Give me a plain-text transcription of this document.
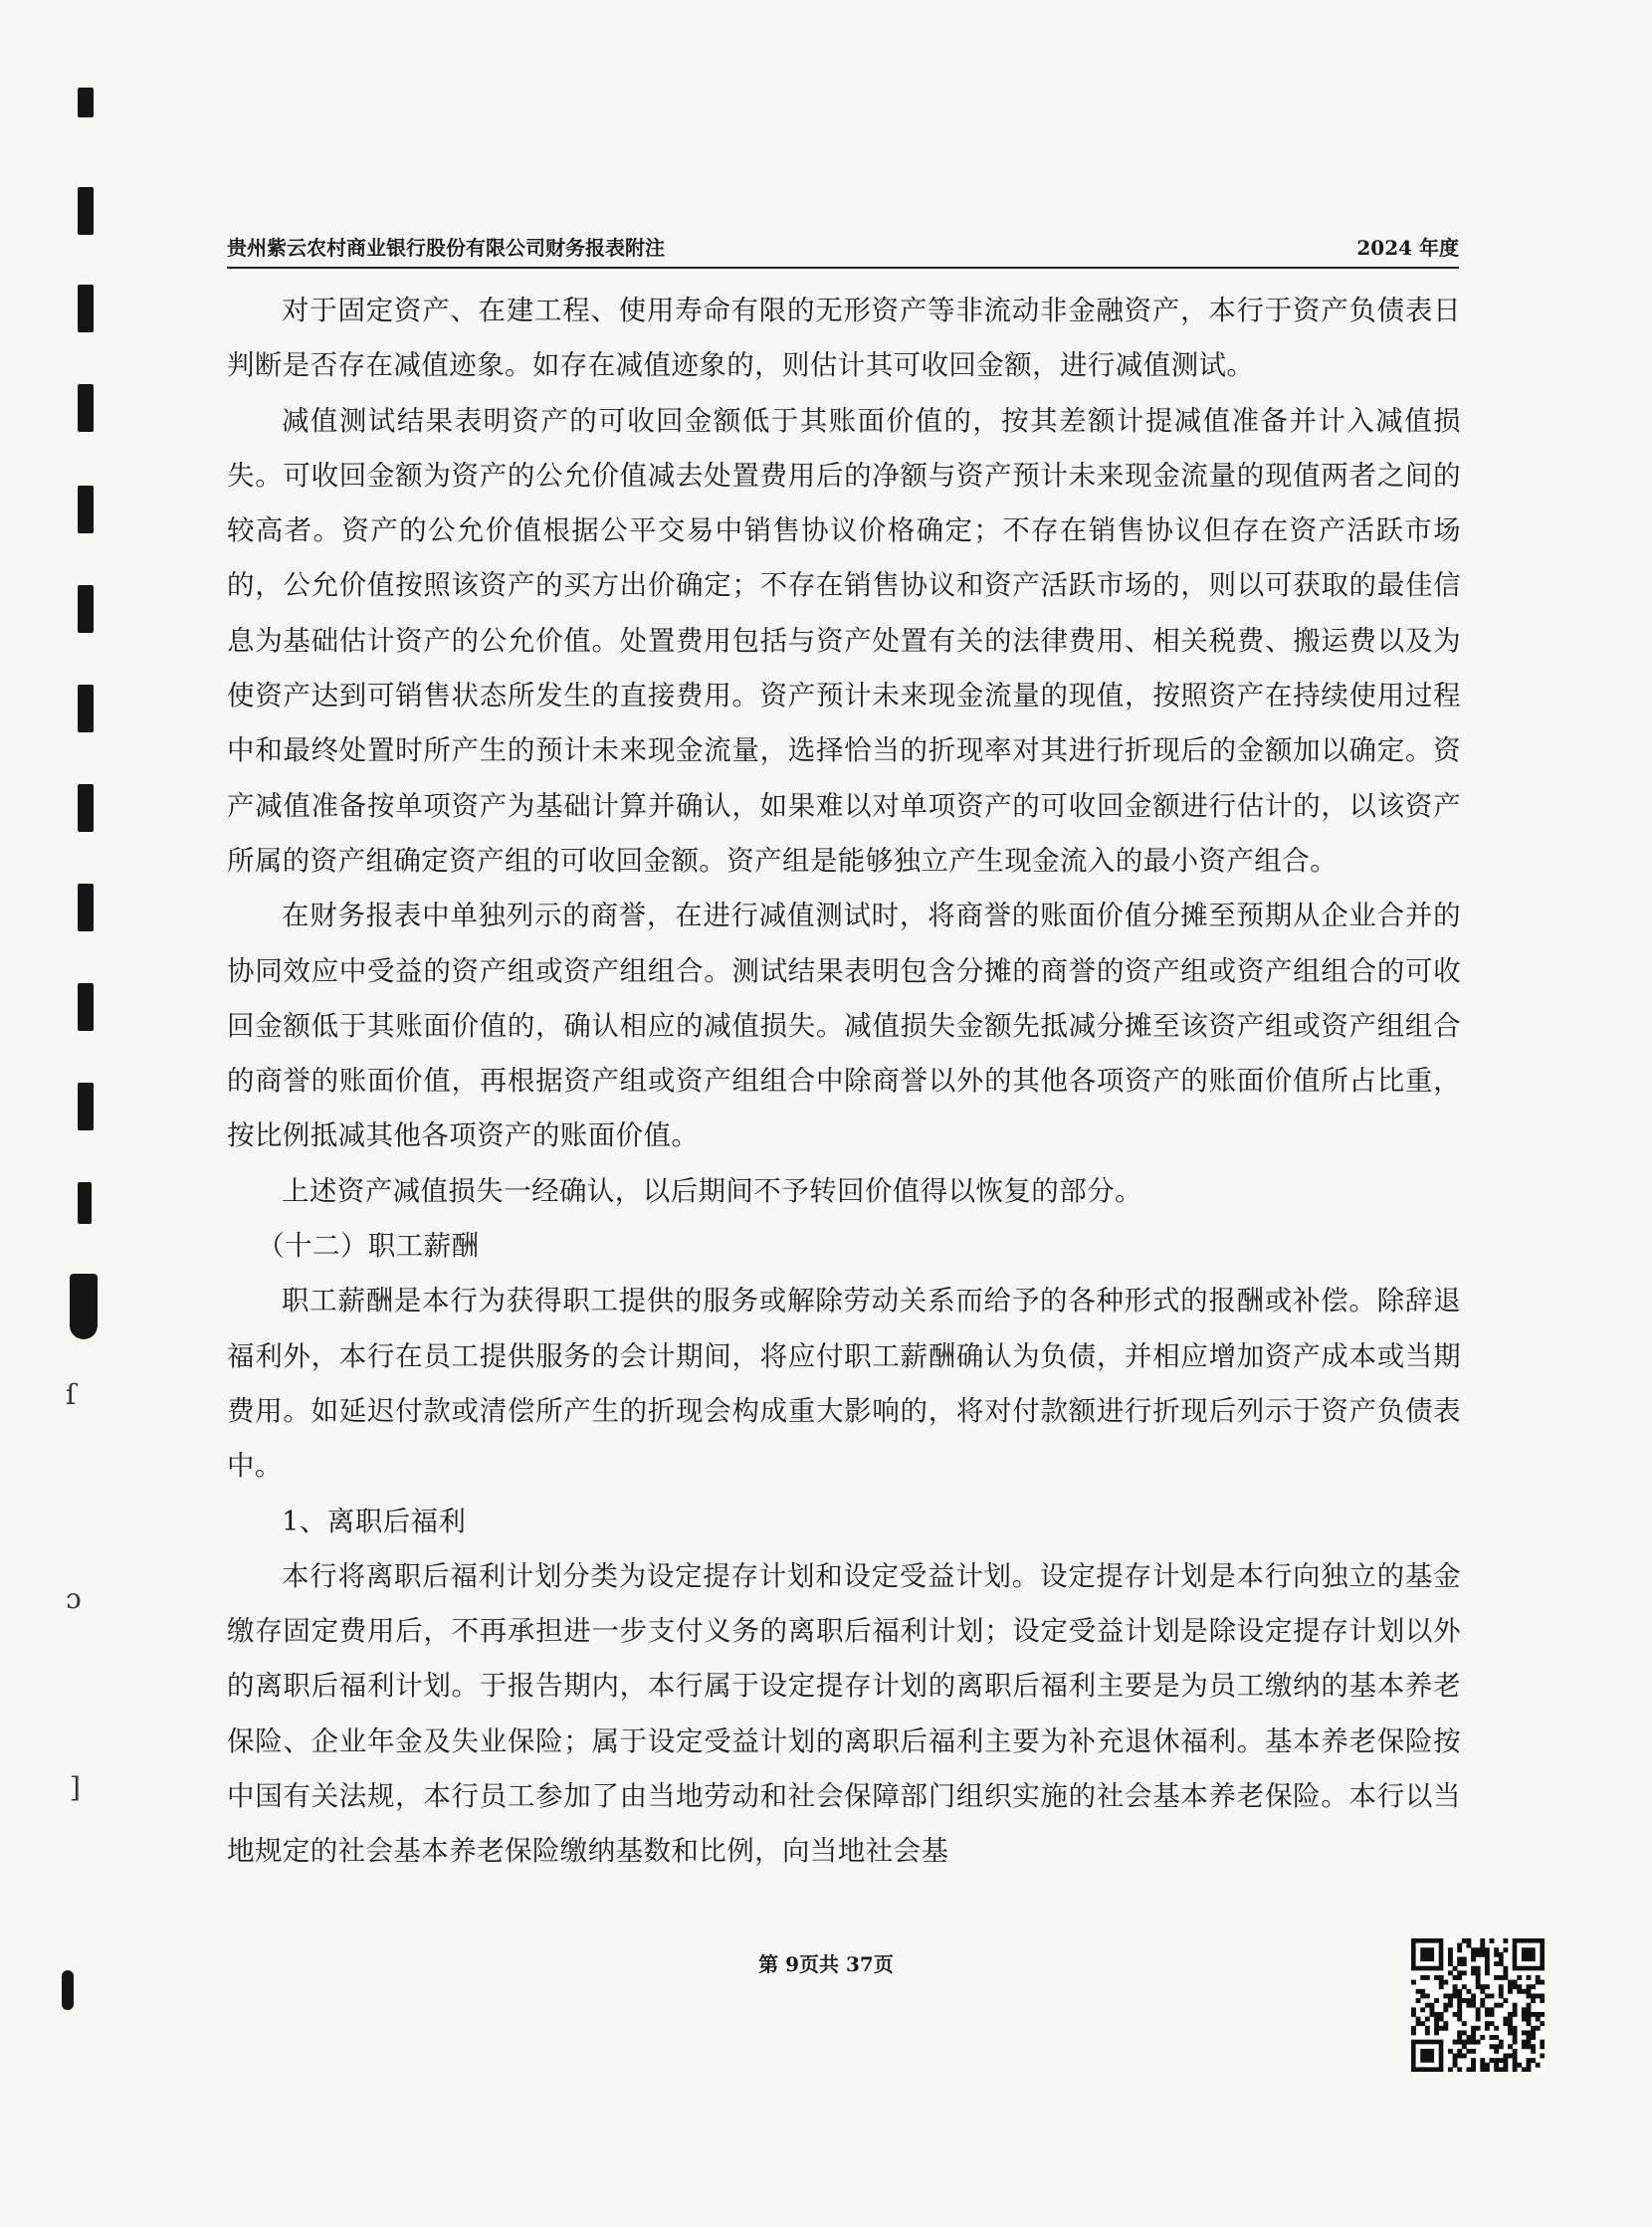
ſ
ɔ
]
贵州紫云农村商业银行股份有限公司财务报表附注	2024 年度

对于固定资产、在建工程、使用寿命有限的无形资产等非流动非金融资产，本行于资产负债表日判断是否存在减值迹象。如存在减值迹象的，则估计其可收回金额，进行减值测试。

减值测试结果表明资产的可收回金额低于其账面价值的，按其差额计提减值准备并计入减值损失。可收回金额为资产的公允价值减去处置费用后的净额与资产预计未来现金流量的现值两者之间的较高者。资产的公允价值根据公平交易中销售协议价格确定；不存在销售协议但存在资产活跃市场的，公允价值按照该资产的买方出价确定；不存在销售协议和资产活跃市场的，则以可获取的最佳信息为基础估计资产的公允价值。处置费用包括与资产处置有关的法律费用、相关税费、搬运费以及为使资产达到可销售状态所发生的直接费用。资产预计未来现金流量的现值，按照资产在持续使用过程中和最终处置时所产生的预计未来现金流量，选择恰当的折现率对其进行折现后的金额加以确定。资产减值准备按单项资产为基础计算并确认，如果难以对单项资产的可收回金额进行估计的，以该资产所属的资产组确定资产组的可收回金额。资产组是能够独立产生现金流入的最小资产组合。

在财务报表中单独列示的商誉，在进行减值测试时，将商誉的账面价值分摊至预期从企业合并的协同效应中受益的资产组或资产组组合。测试结果表明包含分摊的商誉的资产组或资产组组合的可收回金额低于其账面价值的，确认相应的减值损失。减值损失金额先抵减分摊至该资产组或资产组组合的商誉的账面价值，再根据资产组或资产组组合中除商誉以外的其他各项资产的账面价值所占比重，按比例抵减其他各项资产的账面价值。

上述资产减值损失一经确认，以后期间不予转回价值得以恢复的部分。

（十二）职工薪酬

职工薪酬是本行为获得职工提供的服务或解除劳动关系而给予的各种形式的报酬或补偿。除辞退福利外，本行在员工提供服务的会计期间，将应付职工薪酬确认为负债，并相应增加资产成本或当期费用。如延迟付款或清偿所产生的折现会构成重大影响的，将对付款额进行折现后列示于资产负债表中。

1、离职后福利

本行将离职后福利计划分类为设定提存计划和设定受益计划。设定提存计划是本行向独立的基金缴存固定费用后，不再承担进一步支付义务的离职后福利计划；设定受益计划是除设定提存计划以外的离职后福利计划。于报告期内，本行属于设定提存计划的离职后福利主要是为员工缴纳的基本养老保险、企业年金及失业保险；属于设定受益计划的离职后福利主要为补充退休福利。基本养老保险按中国有关法规，本行员工参加了由当地劳动和社会保障部门组织实施的社会基本养老保险。本行以当地规定的社会基本养老保险缴纳基数和比例，向当地社会基

第 9页共 37页
